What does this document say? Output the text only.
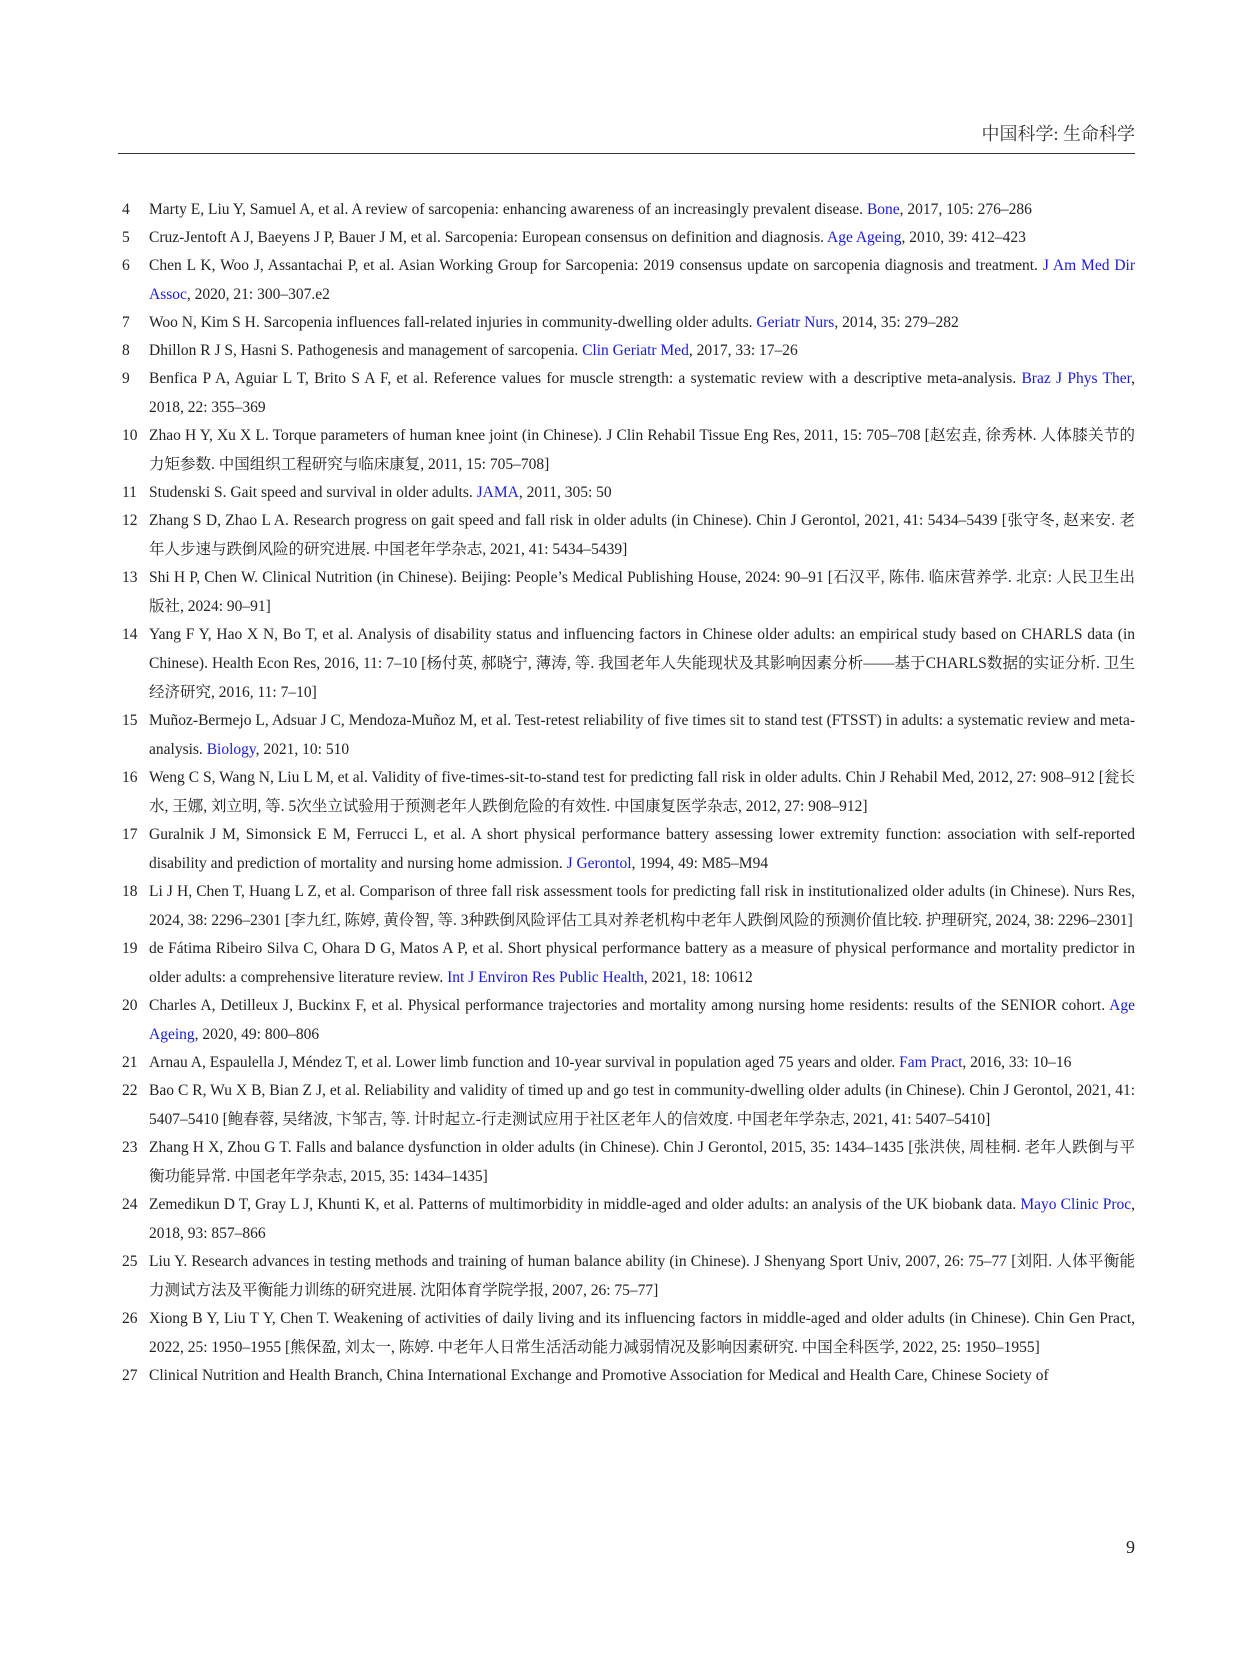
中国科学: 生命科学
4	Marty E, Liu Y, Samuel A, et al. A review of sarcopenia: enhancing awareness of an increasingly prevalent disease. Bone, 2017, 105: 276–286
5	Cruz-Jentoft A J, Baeyens J P, Bauer J M, et al. Sarcopenia: European consensus on definition and diagnosis. Age Ageing, 2010, 39: 412–423
6	Chen L K, Woo J, Assantachai P, et al. Asian Working Group for Sarcopenia: 2019 consensus update on sarcopenia diagnosis and treatment. J Am Med Dir Assoc, 2020, 21: 300–307.e2
7	Woo N, Kim S H. Sarcopenia influences fall-related injuries in community-dwelling older adults. Geriatr Nurs, 2014, 35: 279–282
8	Dhillon R J S, Hasni S. Pathogenesis and management of sarcopenia. Clin Geriatr Med, 2017, 33: 17–26
9	Benfica P A, Aguiar L T, Brito S A F, et al. Reference values for muscle strength: a systematic review with a descriptive meta-analysis. Braz J Phys Ther, 2018, 22: 355–369
10 Zhao H Y, Xu X L. Torque parameters of human knee joint (in Chinese). J Clin Rehabil Tissue Eng Res, 2011, 15: 705–708 [赵宏垚, 徐秀林. 人体膝关节的力矩参数. 中国组织工程研究与临床康复, 2011, 15: 705–708]
11 Studenski S. Gait speed and survival in older adults. JAMA, 2011, 305: 50
12 Zhang S D, Zhao L A. Research progress on gait speed and fall risk in older adults (in Chinese). Chin J Gerontol, 2021, 41: 5434–5439 [张守冬, 赵来安. 老年人步速与跌倒风险的研究进展. 中国老年学杂志, 2021, 41: 5434–5439]
13 Shi H P, Chen W. Clinical Nutrition (in Chinese). Beijing: People’s Medical Publishing House, 2024: 90–91 [石汉平, 陈伟. 临床营养学. 北京: 人民卫生出版社, 2024: 90–91]
14 Yang F Y, Hao X N, Bo T, et al. Analysis of disability status and influencing factors in Chinese older adults: an empirical study based on CHARLS data (in Chinese). Health Econ Res, 2016, 11: 7–10 [杨付英, 郝晓宁, 薄涛, 等. 我国老年人失能现状及其影响因素分析——基于CHARLS数据的实证分析. 卫生经济研究, 2016, 11: 7–10]
15 Muñoz-Bermejo L, Adsuar J C, Mendoza-Muñoz M, et al. Test-retest reliability of five times sit to stand test (FTSST) in adults: a systematic review and meta-analysis. Biology, 2021, 10: 510
16 Weng C S, Wang N, Liu L M, et al. Validity of five-times-sit-to-stand test for predicting fall risk in older adults. Chin J Rehabil Med, 2012, 27: 908–912 [瓮长水, 王娜, 刘立明, 等. 5次坐立试验用于预测老年人跌倒危险的有效性. 中国康复医学杂志, 2012, 27: 908–912]
17 Guralnik J M, Simonsick E M, Ferrucci L, et al. A short physical performance battery assessing lower extremity function: association with self-reported disability and prediction of mortality and nursing home admission. J Gerontol, 1994, 49: M85–M94
18 Li J H, Chen T, Huang L Z, et al. Comparison of three fall risk assessment tools for predicting fall risk in institutionalized older adults (in Chinese). Nurs Res, 2024, 38: 2296–2301 [李九红, 陈婷, 黄伶智, 等. 3种跌倒风险评估工具对养老机构中老年人跌倒风险的预测价值比较. 护理研究, 2024, 38: 2296–2301]
19 de Fátima Ribeiro Silva C, Ohara D G, Matos A P, et al. Short physical performance battery as a measure of physical performance and mortality predictor in older adults: a comprehensive literature review. Int J Environ Res Public Health, 2021, 18: 10612
20 Charles A, Detilleux J, Buckinx F, et al. Physical performance trajectories and mortality among nursing home residents: results of the SENIOR cohort. Age Ageing, 2020, 49: 800–806
21 Arnau A, Espaulella J, Méndez T, et al. Lower limb function and 10-year survival in population aged 75 years and older. Fam Pract, 2016, 33: 10–16
22 Bao C R, Wu X B, Bian Z J, et al. Reliability and validity of timed up and go test in community-dwelling older adults (in Chinese). Chin J Gerontol, 2021, 41: 5407–5410 [鲍春蓉, 吴绪波, 卞邹吉, 等. 计时起立-行走测试应用于社区老年人的信效度. 中国老年学杂志, 2021, 41: 5407–5410]
23 Zhang H X, Zhou G T. Falls and balance dysfunction in older adults (in Chinese). Chin J Gerontol, 2015, 35: 1434–1435 [张洪侠, 周桂桐. 老年人跌倒与平衡功能异常. 中国老年学杂志, 2015, 35: 1434–1435]
24 Zemedikun D T, Gray L J, Khunti K, et al. Patterns of multimorbidity in middle-aged and older adults: an analysis of the UK biobank data. Mayo Clinic Proc, 2018, 93: 857–866
25 Liu Y. Research advances in testing methods and training of human balance ability (in Chinese). J Shenyang Sport Univ, 2007, 26: 75–77 [刘阳. 人体平衡能力测试方法及平衡能力训练的研究进展. 沈阳体育学院学报, 2007, 26: 75–77]
26 Xiong B Y, Liu T Y, Chen T. Weakening of activities of daily living and its influencing factors in middle-aged and older adults (in Chinese). Chin Gen Pract, 2022, 25: 1950–1955 [熊保盈, 刘太一, 陈婷. 中老年人日常生活活动能力减弱情况及影响因素研究. 中国全科医学, 2022, 25: 1950–1955]
27 Clinical Nutrition and Health Branch, China International Exchange and Promotive Association for Medical and Health Care, Chinese Society of
9
